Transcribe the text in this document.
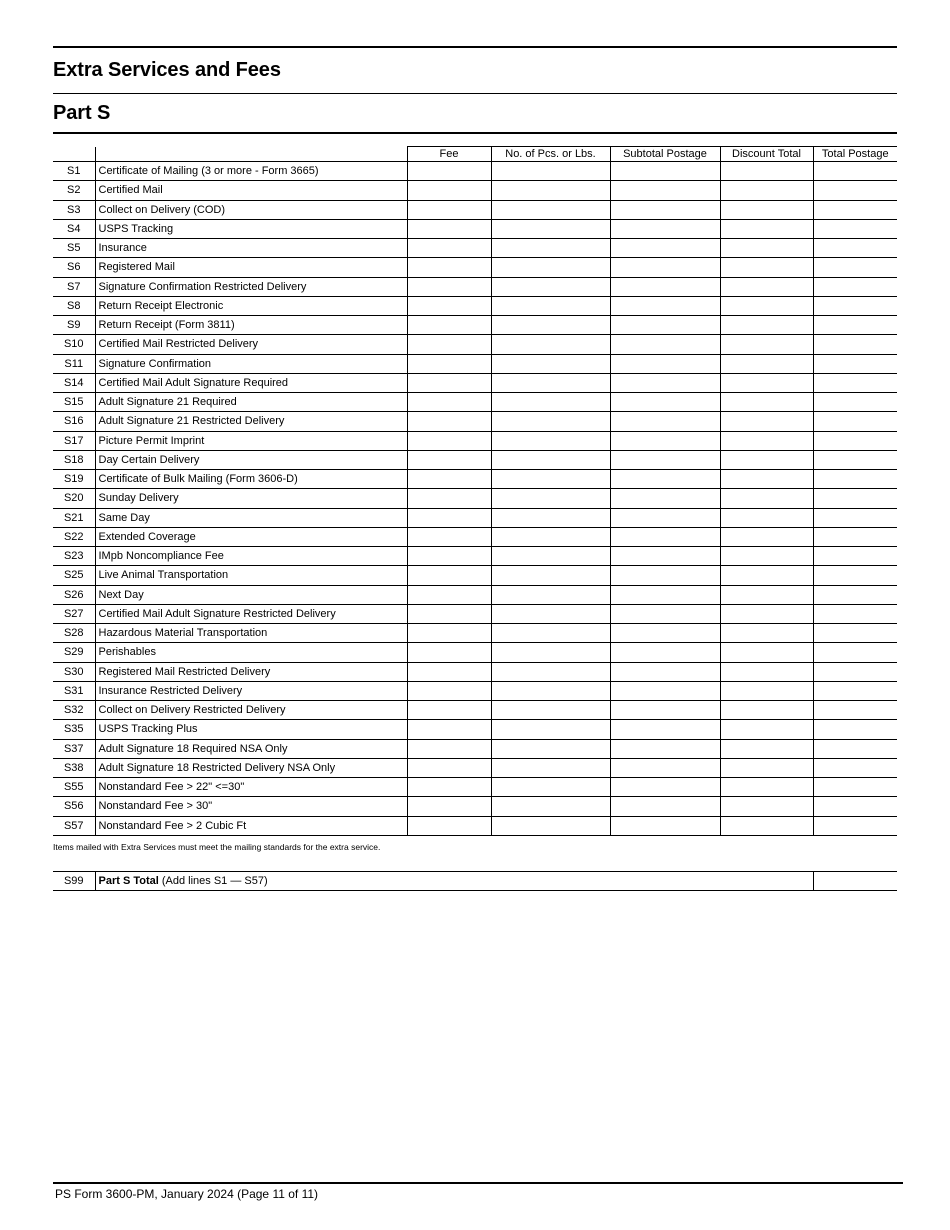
Extra Services and Fees
Part S
		Fee	No. of Pcs. or Lbs.	Subtotal Postage	Discount Total	Total Postage
S1	Certificate of Mailing (3 or more - Form 3665)					
S2	Certified Mail					
S3	Collect on Delivery (COD)					
S4	USPS Tracking					
S5	Insurance					
S6	Registered Mail					
S7	Signature Confirmation Restricted Delivery					
S8	Return Receipt Electronic					
S9	Return Receipt (Form 3811)					
S10	Certified Mail Restricted Delivery					
S11	Signature Confirmation					
S14	Certified Mail Adult Signature Required					
S15	Adult Signature 21 Required					
S16	Adult Signature 21 Restricted Delivery					
S17	Picture Permit Imprint					
S18	Day Certain Delivery					
S19	Certificate of Bulk Mailing (Form 3606-D)					
S20	Sunday Delivery					
S21	Same Day					
S22	Extended Coverage					
S23	IMpb Noncompliance Fee					
S25	Live Animal Transportation					
S26	Next Day					
S27	Certified Mail Adult Signature Restricted Delivery					
S28	Hazardous Material Transportation					
S29	Perishables					
S30	Registered Mail Restricted Delivery					
S31	Insurance Restricted Delivery					
S32	Collect on Delivery Restricted Delivery					
S35	USPS Tracking Plus					
S37	Adult Signature 18 Required NSA Only					
S38	Adult Signature 18 Restricted Delivery NSA Only					
S55	Nonstandard Fee > 22" <=30"					
S56	Nonstandard Fee > 30"					
S57	Nonstandard Fee > 2 Cubic Ft					
Items mailed with Extra Services must meet the mailing standards for the extra service.
S99	Part S Total (Add lines S1 — S57)	
PS Form 3600-PM, January 2024 (Page 11 of 11)
